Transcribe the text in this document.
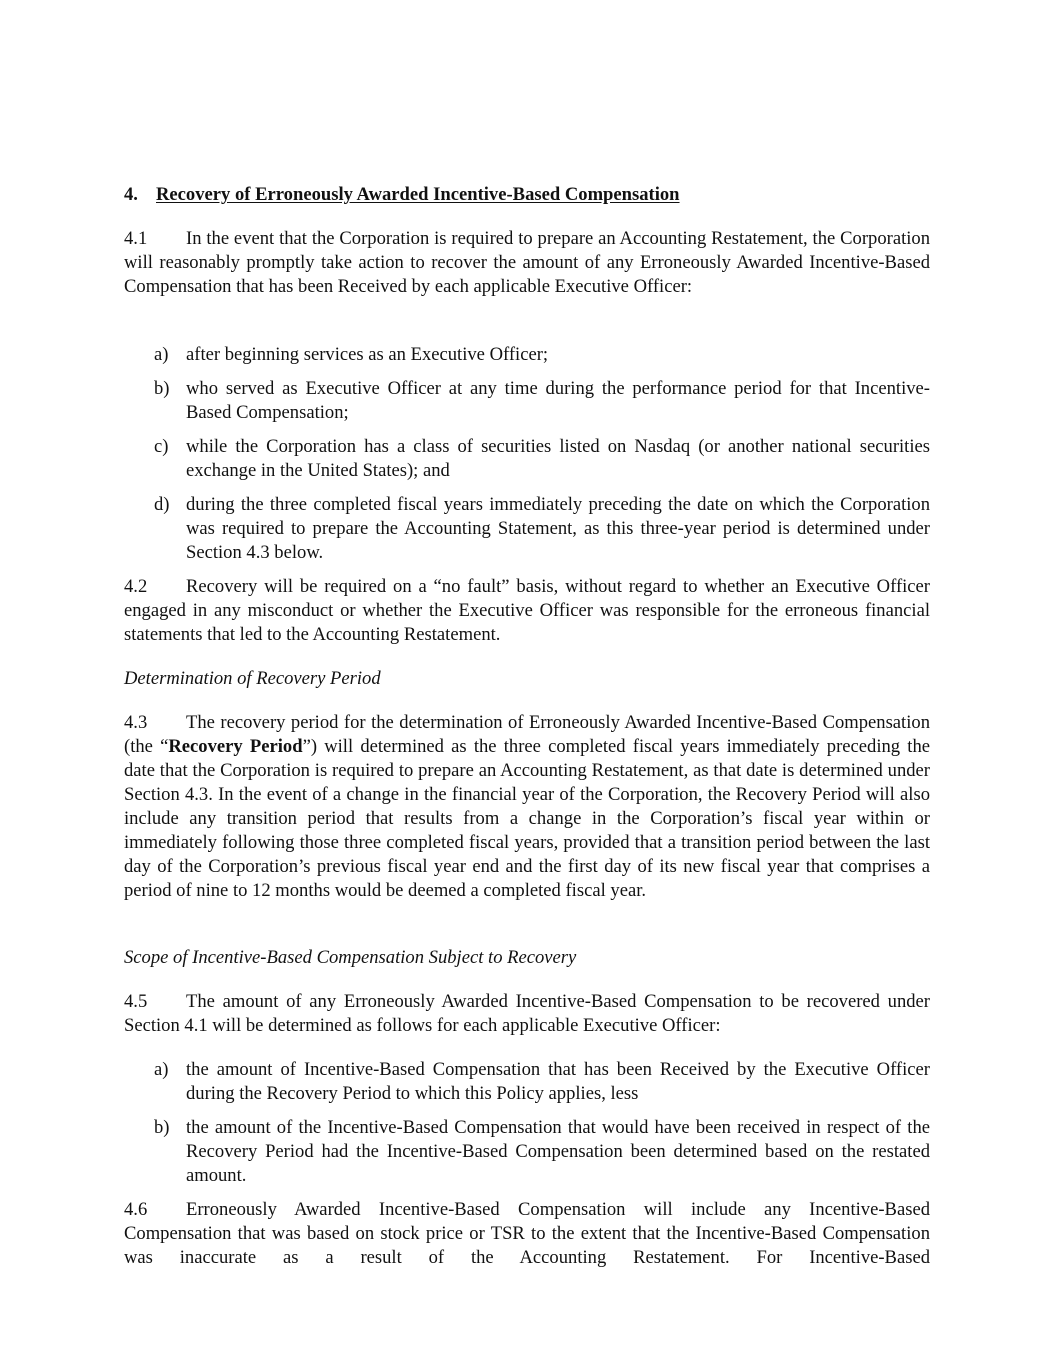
4. Recovery of Erroneously Awarded Incentive-Based Compensation
4.1 In the event that the Corporation is required to prepare an Accounting Restatement, the Corporation will reasonably promptly take action to recover the amount of any Erroneously Awarded Incentive-Based Compensation that has been Received by each applicable Executive Officer:
a) after beginning services as an Executive Officer;
b) who served as Executive Officer at any time during the performance period for that Incentive-Based Compensation;
c) while the Corporation has a class of securities listed on Nasdaq (or another national securities exchange in the United States); and
d) during the three completed fiscal years immediately preceding the date on which the Corporation was required to prepare the Accounting Statement, as this three-year period is determined under Section 4.3 below.
4.2 Recovery will be required on a “no fault” basis, without regard to whether an Executive Officer engaged in any misconduct or whether the Executive Officer was responsible for the erroneous financial statements that led to the Accounting Restatement.
Determination of Recovery Period
4.3 The recovery period for the determination of Erroneously Awarded Incentive-Based Compensation (the “Recovery Period”) will determined as the three completed fiscal years immediately preceding the date that the Corporation is required to prepare an Accounting Restatement, as that date is determined under Section 4.3. In the event of a change in the financial year of the Corporation, the Recovery Period will also include any transition period that results from a change in the Corporation’s fiscal year within or immediately following those three completed fiscal years, provided that a transition period between the last day of the Corporation’s previous fiscal year end and the first day of its new fiscal year that comprises a period of nine to 12 months would be deemed a completed fiscal year.
Scope of Incentive-Based Compensation Subject to Recovery
4.5 The amount of any Erroneously Awarded Incentive-Based Compensation to be recovered under Section 4.1 will be determined as follows for each applicable Executive Officer:
a) the amount of Incentive-Based Compensation that has been Received by the Executive Officer during the Recovery Period to which this Policy applies, less
b) the amount of the Incentive-Based Compensation that would have been received in respect of the Recovery Period had the Incentive-Based Compensation been determined based on the restated amount.
4.6 Erroneously Awarded Incentive-Based Compensation will include any Incentive-Based Compensation that was based on stock price or TSR to the extent that the Incentive-Based Compensation was inaccurate as a result of the Accounting Restatement. For Incentive-Based
